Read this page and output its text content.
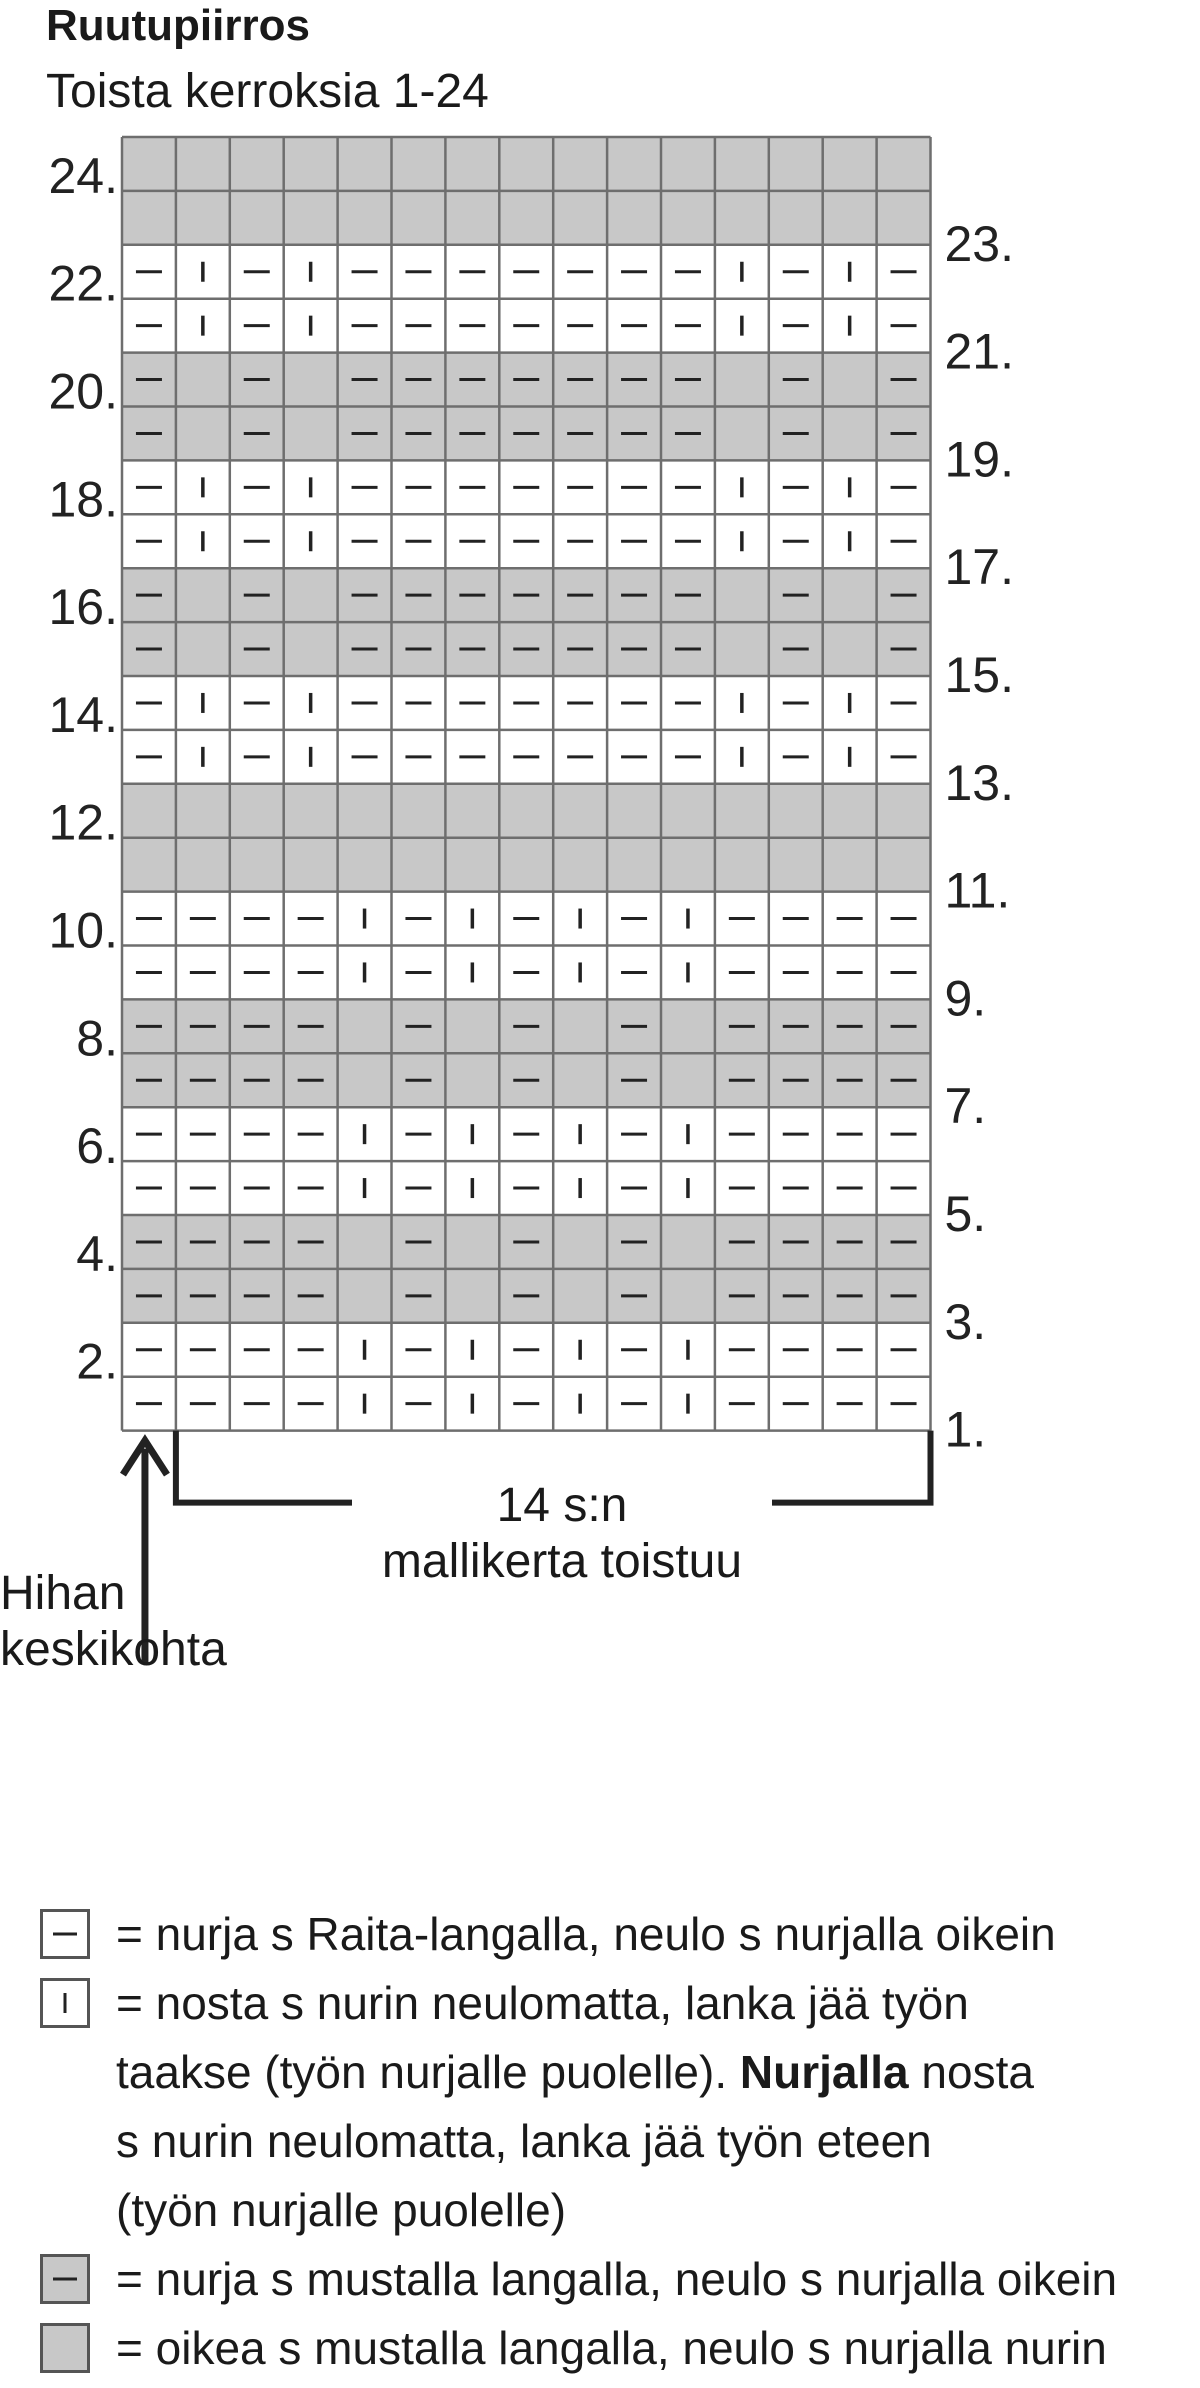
Ruutupiirros
Toista kerroksia 1-24
24.
22.
20.
18.
16.
14.
12.
10.
8.
6.
4.
2.
23.
21.
19.
17.
15.
13.
11.
9.
7.
5.
3.
1.
14 s:n
mallikerta toistuu
Hihan
keskikohta
= nurja s Raita-langalla, neulo s nurjalla oikein
= nosta s nurin neulomatta, lanka jää työn
taakse (työn nurjalle puolelle). Nurjalla nosta
s nurin neulomatta, lanka jää työn eteen
(työn nurjalle puolelle)
= nurja s mustalla langalla, neulo s nurjalla oikein
= oikea s mustalla langalla, neulo s nurjalla nurin
